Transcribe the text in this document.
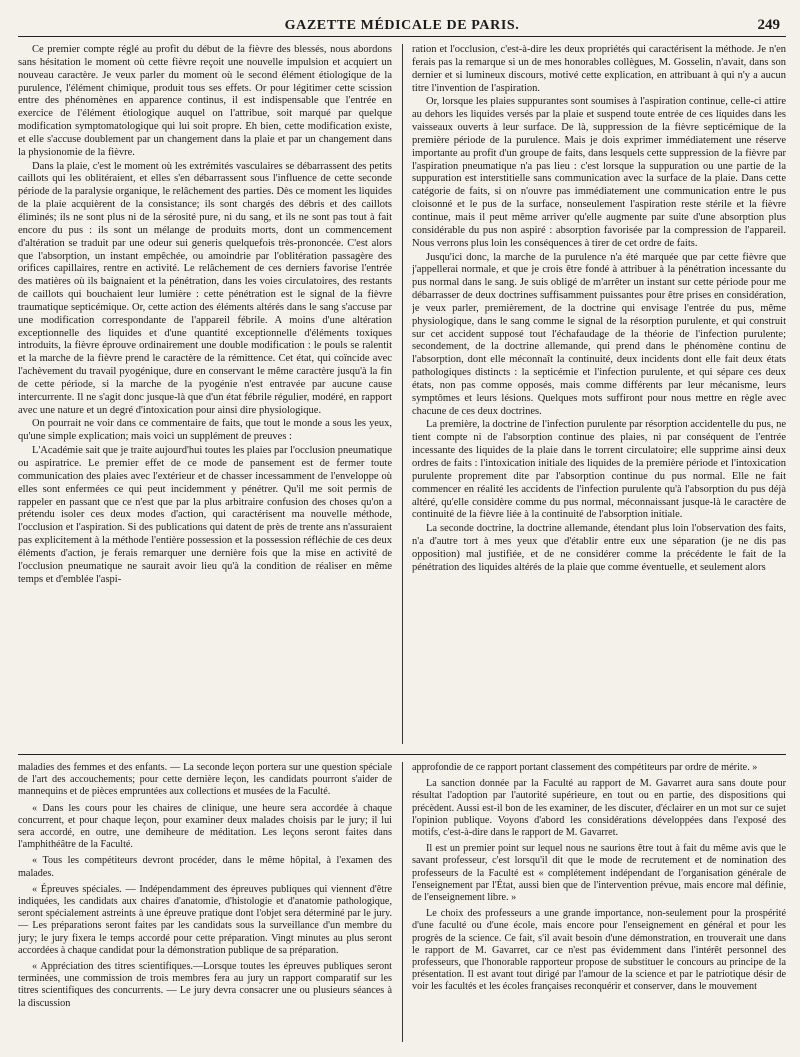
GAZETTE MÉDICALE DE PARIS.	249

Ce premier compte réglé au profit du début de la fièvre des blessés, nous abordons sans hésitation le moment où cette fièvre reçoit une nouvelle impulsion et acquiert un nouveau caractère. Je veux parler du moment où le second élément étiologique de la purulence, l'élément chimique, produit tous ses effets. Or pour légitimer cette scission entre des phénomènes en apparence continus, il est indispensable que l'entrée en exercice de l'élément étiologique auquel on l'attribue, soit marqué par quelque modification symptomatologique qui lui soit propre. Eh bien, cette modification existe, et elle s'accuse doublement par un changement dans la plaie et par un changement dans la physionomie de la fièvre.

Dans la plaie, c'est le moment où les extrémités vasculaires se débarrassent des petits caillots qui les oblitéraient, et elles s'en débarrassent sous l'influence de cette seconde période de la paralysie organique, le relâchement des parties. Dès ce moment les liquides de la plaie acquièrent de la consistance; ils sont chargés des débris et des caillots éliminés; ils ne sont plus ni de la sérosité pure, ni du sang, et ils ne sont pas tout à fait encore du pus : ils sont un mélange de produits morts, dont un commencement d'altération se traduit par une odeur sui generis quelquefois très-prononcée. C'est alors que l'absorption, un instant empêchée, ou amoindrie par l'oblitération passagère des orifices capillaires, rentre en activité. Le relâchement de ces derniers favorise l'entrée des matières où ils baignaient et la pénétration, dans les voies circulatoires, des restants de caillots qui bouchaient leur lumière : cette pénétration est le signal de la fièvre traumatique septicémique. Or, cette action des éléments altérés dans le sang s'accuse par une modification correspondante de l'appareil fébrile. A moins d'une altération exceptionnelle des liquides et d'une quantité exceptionnelle d'éléments toxiques introduits, la fièvre éprouve ordinairement une double modification : le pouls se ralentit et la marche de la fièvre prend le caractère de la rémittence. Cet état, qui coïncide avec l'achèvement du travail pyogénique, dure en conservant le même caractère jusqu'à la fin de cette période, si la marche de la pyogénie n'est entravée par aucune cause intercurrente. Il ne s'agit donc jusque-là que d'un état fébrile régulier, modéré, en rapport avec une nature et un degré d'intoxication pour ainsi dire physiologique.

On pourrait ne voir dans ce commentaire de faits, que tout le monde a sous les yeux, qu'une simple explication; mais voici un supplément de preuves :

L'Académie sait que je traite aujourd'hui toutes les plaies par l'occlusion pneumatique ou aspiratrice. Le premier effet de ce mode de pansement est de fermer toute communication des plaies avec l'extérieur et de chasser incessamment de l'enveloppe où elles sont enfermées ce qui peut incidemment y pénétrer. Qu'il me soit permis de rappeler en passant que ce n'est que par la plus arbitraire confusion des choses qu'on a prétendu isoler ces deux modes d'action, qui caractérisent ma nouvelle méthode, l'occlusion et l'aspiration. Si des publications qui datent de près de trente ans n'assuraient pas explicitement à la méthode l'entière possession et la possession réfléchie de ces deux éléments d'action, je ferais remarquer une dernière fois que la mise en activité de l'occlusion pneumatique ne saurait avoir lieu qu'à la condition de réaliser en même temps et d'emblée l'aspi-

ration et l'occlusion, c'est-à-dire les deux propriétés qui caractérisent la méthode. Je n'en ferais pas la remarque si un de mes honorables collègues, M. Gosselin, n'avait, dans son dernier et si lumineux discours, motivé cette explication, en attribuant à qui n'y a aucun titre l'invention de l'aspiration.

Or, lorsque les plaies suppurantes sont soumises à l'aspiration continue, celle-ci attire au dehors les liquides versés par la plaie et suspend toute entrée de ces liquides dans les vaisseaux ouverts à leur surface. De là, suppression de la fièvre septicémique de la première période de la purulence. Mais je dois exprimer immédiatement une réserve importante au profit d'un groupe de faits, dans lesquels cette suppression de la fièvre par l'aspiration pneumatique n'a pas lieu : c'est lorsque la suppuration ou une partie de la suppuration est interstitielle sans communication avec la surface de la plaie. Dans cette catégorie de faits, si on n'ouvre pas immédiatement une communication entre le pus cloisonné et le pus de la surface, nonseulement l'aspiration reste stérile et la fièvre continue, mais il peut même arriver qu'elle augmente par suite d'une absorption plus considérable du pus non aspiré : absorption favorisée par la compression de l'appareil. Nous verrons plus loin les conséquences à tirer de cet ordre de faits.

Jusqu'ici donc, la marche de la purulence n'a été marquée que par cette fièvre que j'appellerai normale, et que je crois être fondé à attribuer à la pénétration incessante du pus normal dans le sang. Je suis obligé de m'arrêter un instant sur cette période pour me débarrasser de deux doctrines suffisamment puissantes pour être prises en considération, je veux parler, premièrement, de la doctrine qui envisage l'entrée du pus, même physiologique, dans le sang comme le signal de la résorption purulente, et qui construit sur cet accident supposé tout l'échafaudage de la théorie de l'infection purulente; secondement, de la doctrine allemande, qui prend dans le phénomène continu de l'absorption, dont elle méconnaît la continuité, deux incidents dont elle fait deux états pathologiques distincts : la septicémie et l'infection purulente, et qui sépare ces deux états, non pas comme opposés, mais comme différents par leur mécanisme, leurs symptômes et leurs lésions. Quelques mots suffiront pour nous mettre en règle avec chacune de ces deux doctrines.

La première, la doctrine de l'infection purulente par résorption accidentelle du pus, ne tient compte ni de l'absorption continue des plaies, ni par conséquent de l'entrée incessante des liquides de la plaie dans le torrent circulatoire; elle supprime ainsi deux ordres de faits : l'intoxication initiale des liquides de la première période et l'intoxication purulente proprement dite par l'absorption continue du pus normal. Elle ne fait commencer en réalité les accidents de l'infection purulente qu'à l'absorption du pus déjà altéré, qu'elle considère comme du pus normal, méconnaissant jusque-là le caractère de continuité de la fièvre liée à la continuité de l'absorption initiale.

La seconde doctrine, la doctrine allemande, étendant plus loin l'observation des faits, n'a d'autre tort à mes yeux que d'établir entre eux une séparation (je ne dis pas opposition) mal justifiée, et de ne considérer comme la précédente le fait de la pénétration des liquides altérés de la plaie que comme éventuelle, et seulement alors

maladies des femmes et des enfants. — La seconde leçon portera sur une question spéciale de l'art des accouchements; pour cette dernière leçon, les candidats pourront s'aider de mannequins et de pièces empruntées aux collections et musées de la Faculté.

« Dans les cours pour les chaires de clinique, une heure sera accordée à chaque concurrent, et pour chaque leçon, pour examiner deux malades choisis par le jury; il lui sera accordé, en outre, une demiheure de méditation. Les leçons seront faites dans l'amphithéâtre de la Faculté.

« Tous les compétiteurs devront procéder, dans le même hôpital, à l'examen des malades.

« Épreuves spéciales. — Indépendamment des épreuves publiques qui viennent d'être indiquées, les candidats aux chaires d'anatomie, d'histologie et d'anatomie pathologique, seront spécialement astreints à une épreuve pratique dont l'objet sera déterminé par le jury. — Les préparations seront faites par les candidats sous la surveillance d'un membre du jury; le jury fixera le temps accordé pour cette préparation. Vingt minutes au plus seront accordées à chaque candidat pour la démonstration publique de sa préparation.

« Appréciation des titres scientifiques.—Lorsque toutes les épreuves publiques seront terminées, une commission de trois membres fera au jury un rapport comparatif sur les titres scientifiques des concurrents. — Le jury devra consacrer une ou plusieurs séances à la discussion

approfondie de ce rapport portant classement des compétiteurs par ordre de mérite. »

La sanction donnée par la Faculté au rapport de M. Gavarret aura sans doute pour résultat l'adoption par l'autorité supérieure, en tout ou en partie, des dispositions qui précèdent. Aussi est-il bon de les examiner, de les discuter, d'éclairer en un mot sur ce sujet l'opinion publique. Voyons d'abord les considérations développées dans l'exposé des motifs, c'est-à-dire dans le rapport de M. Gavarret.

Il est un premier point sur lequel nous ne saurions être tout à fait du même avis que le savant professeur, c'est lorsqu'il dit que le mode de recrutement et de nomination des professeurs de la Faculté est « complétement indépendant de l'organisation générale de l'enseignement par l'État, aussi bien que de l'intervention prévue, mais encore mal définie, de l'enseignement libre. »

Le choix des professeurs a une grande importance, non-seulement pour la prospérité d'une faculté ou d'une école, mais encore pour l'enseignement en général et pour les progrès de la science. Ce fait, s'il avait besoin d'une démonstration, en trouverait une dans le rapport de M. Gavarret, car ce n'est pas évidemment dans l'intérêt personnel des professeurs, que l'honorable rapporteur propose de substituer le concours au principe de la présentation. Il est avant tout dirigé par l'amour de la science et par le patriotique désir de voir les facultés et les écoles françaises reconquérir et conserver, dans le mouvement
